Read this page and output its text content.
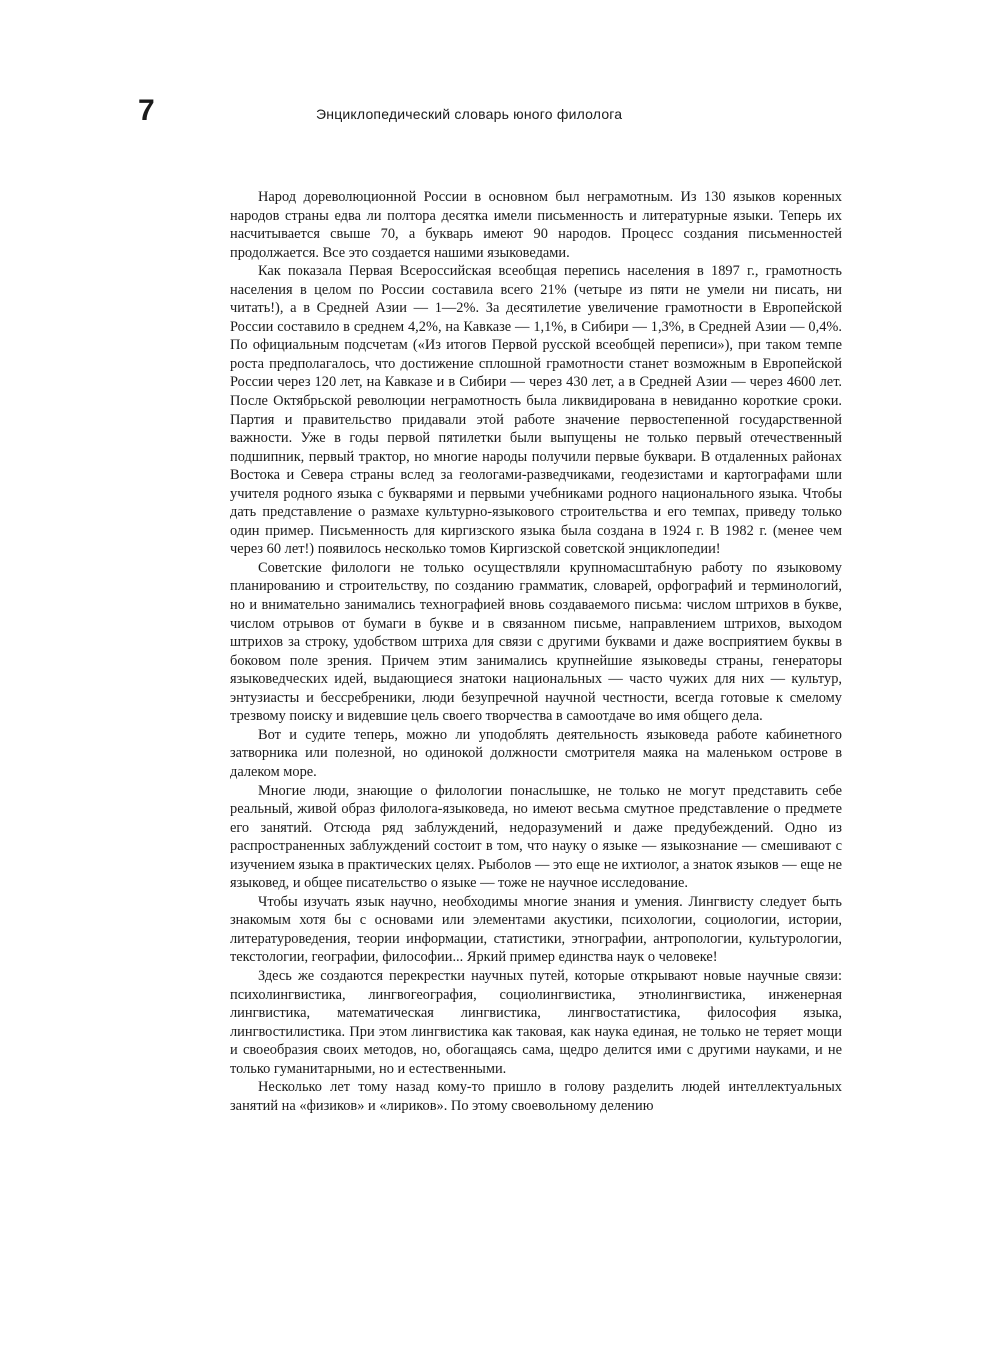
7	Энциклопедический словарь юного филолога

Народ дореволюционной России в основном был неграмотным. Из 130 языков коренных народов страны едва ли полтора десятка имели письменность и литературные языки. Теперь их насчитывается свыше 70, а букварь имеют 90 народов. Процесс создания письменностей продолжается. Все это создается нашими языковедами.

Как показала Первая Всероссийская всеобщая перепись населения в 1897 г., грамотность населения в целом по России составила всего 21% (четыре из пяти не умели ни писать, ни читать!), а в Средней Азии — 1—2%. За десятилетие увеличение грамотности в Европейской России составило в среднем 4,2%, на Кавказе — 1,1%, в Сибири — 1,3%, в Средней Азии — 0,4%. По официальным подсчетам («Из итогов Первой русской всеобщей переписи»), при таком темпе роста предполагалось, что достижение сплошной грамотности станет возможным в Европейской России через 120 лет, на Кавказе и в Сибири — через 430 лет, а в Средней Азии — через 4600 лет. После Октябрьской революции неграмотность была ликвидирована в невиданно короткие сроки. Партия и правительство придавали этой работе значение первостепенной государственной важности. Уже в годы первой пятилетки были выпущены не только первый отечественный подшипник, первый трактор, но многие народы получили первые буквари. В отдаленных районах Востока и Севера страны вслед за геологами-разведчиками, геодезистами и картографами шли учителя родного языка с букварями и первыми учебниками родного национального языка. Чтобы дать представление о размахе культурно-языкового строительства и его темпах, приведу только один пример. Письменность для киргизского языка была создана в 1924 г. В 1982 г. (менее чем через 60 лет!) появилось несколько томов Киргизской советской энциклопедии!

Советские филологи не только осуществляли крупномасштабную работу по языковому планированию и строительству, по созданию грамматик, словарей, орфографий и терминологий, но и внимательно занимались технографией вновь создаваемого письма: числом штрихов в букве, числом отрывов от бумаги в букве и в связанном письме, направлением штрихов, выходом штрихов за строку, удобством штриха для связи с другими буквами и даже восприятием буквы в боковом поле зрения. Причем этим занимались крупнейшие языковеды страны, генераторы языковедческих идей, выдающиеся знатоки национальных — часто чужих для них — культур, энтузиасты и бессребреники, люди безупречной научной честности, всегда готовые к смелому трезвому поиску и видевшие цель своего творчества в самоотдаче во имя общего дела.

Вот и судите теперь, можно ли уподоблять деятельность языковеда работе кабинетного затворника или полезной, но одинокой должности смотрителя маяка на маленьком острове в далеком море.

Многие люди, знающие о филологии понаслышке, не только не могут представить себе реальный, живой образ филолога-языковеда, но имеют весьма смутное представление о предмете его занятий. Отсюда ряд заблуждений, недоразумений и даже предубеждений. Одно из распространенных заблуждений состоит в том, что науку о языке — языкознание — смешивают с изучением языка в практических целях. Рыболов — это еще не ихтиолог, а знаток языков — еще не языковед, и общее писательство о языке — тоже не научное исследование.

Чтобы изучать язык научно, необходимы многие знания и умения. Лингвисту следует быть знакомым хотя бы с основами или элементами акустики, психологии, социологии, истории, литературоведения, теории информации, статистики, этнографии, антропологии, культурологии, текстологии, географии, философии... Яркий пример единства наук о человеке!

Здесь же создаются перекрестки научных путей, которые открывают новые научные связи: психолингвистика, лингвогеография, социолингвистика, этнолингвистика, инженерная лингвистика, математическая лингвистика, лингвостатистика, философия языка, лингвостилистика. При этом лингвистика как таковая, как наука единая, не только не теряет мощи и своеобразия своих методов, но, обогащаясь сама, щедро делится ими с другими науками, и не только гуманитарными, но и естественными.

Несколько лет тому назад кому-то пришло в голову разделить людей интеллектуальных занятий на «физиков» и «лириков». По этому своевольному делению
